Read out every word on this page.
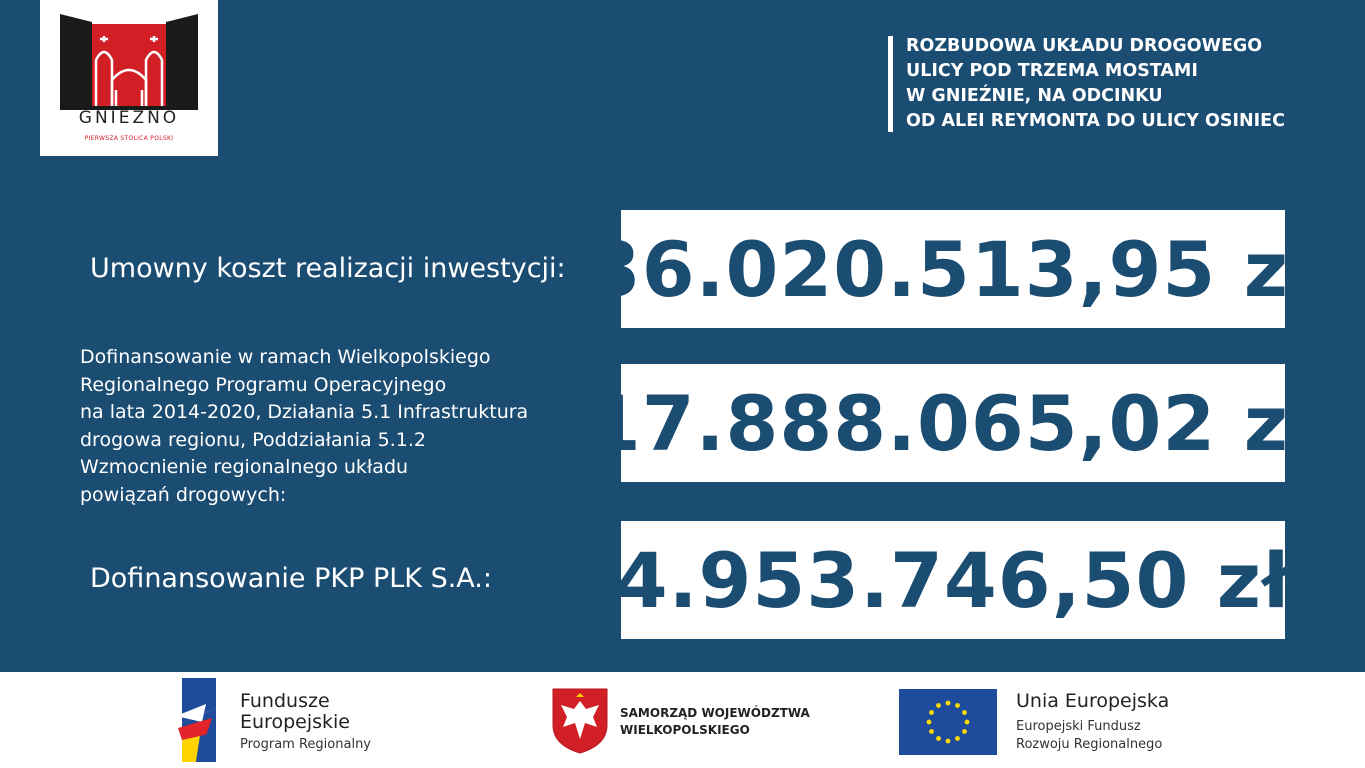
GNIEZNO
PIERWSZA STOLICA POLSKI
ROZBUDOWA UKŁADU DROGOWEGO
ULICY POD TRZEMA MOSTAMI
W GNIEŹNIE, NA ODCINKU
OD ALEI REYMONTA DO ULICY OSINIEC
Umowny koszt realizacji inwestycji: 36.020.513,95 zł
Dofinansowanie w ramach Wielkopolskiego
Regionalnego Programu Operacyjnego
na lata 2014-2020, Działania 5.1 Infrastruktura
drogowa regionu, Poddziałania 5.1.2
Wzmocnienie regionalnego układu
powiązań drogowych:
17.888.065,02 zł
Dofinansowanie PKP PLK S.A.: 4.953.746,50 zł
Fundusze
Europejskie
Program Regionalny
SAMORZĄD WOJEWÓDZTWA
WIELKOPOLSKIEGO
Unia Europejska
Europejski Fundusz
Rozwoju Regionalnego
